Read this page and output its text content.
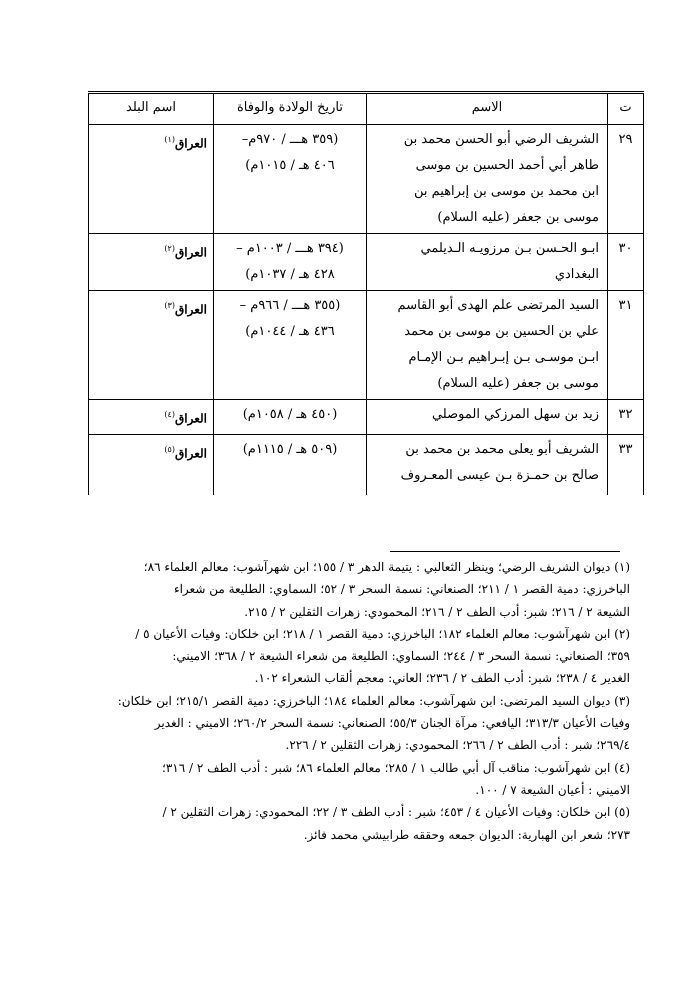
ت	الاسم	تاريخ الولادة والوفاة	اسم البلد
٢٩	الشريف الرضي أبو الحسن محمد بن
طاهر أبي أحمد الحسين بن موسى
ابن محمد بن موسى بن إبراهيم بن
موسى بن جعفر (عليه السلام)	(٣٥٩ هـــ / ٩٧٠م–
٤٠٦ هـ / ١٠١٥م)	العراق$^{(١)}$
٣٠	ابـو الحـسن بـن مرزويـه الـديلمي
البغدادي	(٣٩٤ هـــ / ١٠٠٣م –
٤٢٨ هـ / ١٠٣٧م)	العراق$^{(٢)}$
٣١	السيد المرتضى علم الهدى أبو القاسم
علي بن الحسين بن موسى بن محمد
ابـن موسـى بـن إبـراهيم بـن الإمـام
موسى بن جعفر (عليه السلام)	(٣٥٥ هـــ / ٩٦٦م –
٤٣٦ هـ / ١٠٤٤م)	العراق$^{(٣)}$
٣٢	زيد بن سهل المرزكي الموصلي	(٤٥٠ هـ / ١٠٥٨م)	العراق$^{(٤)}$
٣٣	الشريف أبو يعلى محمد بن محمد بن
صالح بن حمـزة بـن عيسى المعـروف	(٥٠٩ هـ / ١١١٥م)	العراق$^{(٥)}$
(١) ديوان الشريف الرضي؛ وينظر الثعالبي : يتيمة الدهر ٣ / ١٥٥؛ ابن شهرآشوب: معالم العلماء ٨٦؛
الباخرزي: دمية القصر ١ / ٢١١؛ الصنعاني: نسمة السحر ٣ / ٥٢؛ السماوي: الطليعة من شعراء
الشيعة ٢ / ٢١٦؛ شبر: أدب الطف ٢ / ٢١٦؛ المحمودي: زهرات الثقلين ٢ / ٢١٥.
(٢) ابن شهرآشوب: معالم العلماء ١٨٢؛ الباخرزي: دمية القصر ١ / ٢١٨؛ ابن خلكان: وفيات الأعيان ٥ /
٣٥٩؛ الصنعاني: نسمة السحر ٣ / ٢٤٤؛ السماوي: الطليعة من شعراء الشيعة ٢ / ٣٦٨؛ الاميني:
الغدير ٤ / ٢٣٨؛ شبر: أدب الطف ٢ / ٢٣٦؛ العاني: معجم ألقاب الشعراء ١٠٢.
(٣) ديوان السيد المرتضى: ابن شهرآشوب: معالم العلماء ١٨٤؛ الباخرزي: دمية القصر ٢١٥/١؛ ابن خلكان:
وفيات الأعيان ٣١٣/٣؛ اليافعي: مرآة الجنان ٥٥/٣؛ الصنعاني: نسمة السحر ٢٦٠/٢؛ الاميني : الغدير
٢٦٩/٤؛ شبر : أدب الطف ٢ / ٢٦٦؛ المحمودي: زهرات الثقلين ٢ / ٢٢٦.
(٤) ابن شهرآشوب: مناقب آل أبي طالب ١ / ٢٨٥؛ معالم العلماء ٨٦؛ شبر : أدب الطف ٢ / ٣١٦؛
الاميني : أعيان الشيعة ٧ / ١٠٠.
(٥) ابن خلكان: وفيات الأعيان ٤ / ٤٥٣؛ شبر : أدب الطف ٣ / ٢٢؛ المحمودي: زهرات الثقلين ٢ /
٢٧٣؛ شعر ابن الهبارية: الديوان جمعه وحققه طرابيشي محمد فائز.
